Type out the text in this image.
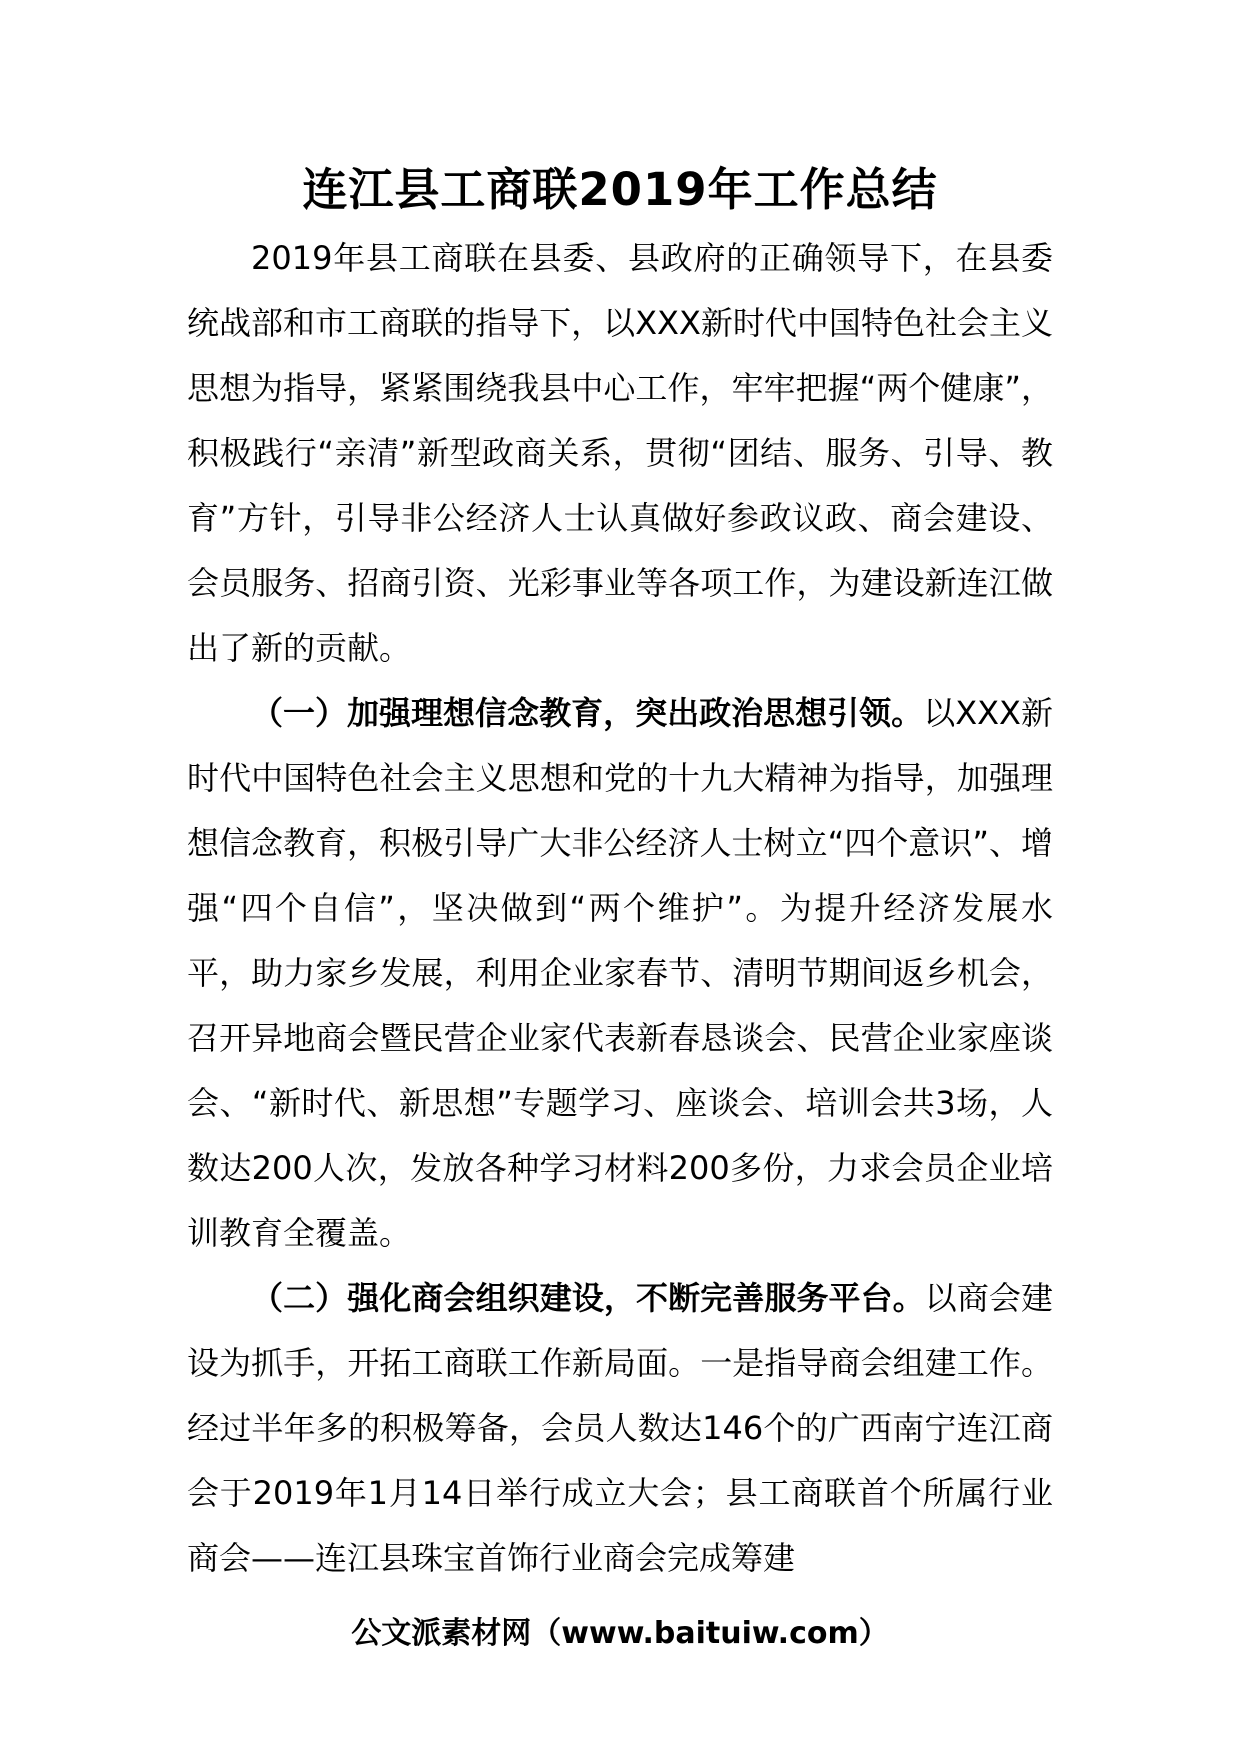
连江县工商联2019年工作总结

2019年县工商联在县委、县政府的正确领导下，在县委统战部和市工商联的指导下，以XXX新时代中国特色社会主义思想为指导，紧紧围绕我县中心工作，牢牢把握“两个健康”，积极践行“亲清”新型政商关系，贯彻“团结、服务、引导、教育”方针，引导非公经济人士认真做好参政议政、商会建设、会员服务、招商引资、光彩事业等各项工作，为建设新连江做出了新的贡献。

（一）加强理想信念教育，突出政治思想引领。以XXX新时代中国特色社会主义思想和党的十九大精神为指导，加强理想信念教育，积极引导广大非公经济人士树立“四个意识”、增强“四个自信”，坚决做到“两个维护”。为提升经济发展水平，助力家乡发展，利用企业家春节、清明节期间返乡机会，召开异地商会暨民营企业家代表新春恳谈会、民营企业家座谈会、“新时代、新思想”专题学习、座谈会、培训会共3场，人数达200人次，发放各种学习材料200多份，力求会员企业培训教育全覆盖。

（二）强化商会组织建设，不断完善服务平台。以商会建设为抓手，开拓工商联工作新局面。一是指导商会组建工作。经过半年多的积极筹备，会员人数达146个的广西南宁连江商会于2019年1月14日举行成立大会；县工商联首个所属行业商会——连江县珠宝首饰行业商会完成筹建

公文派素材网（www.baituiw.com）
